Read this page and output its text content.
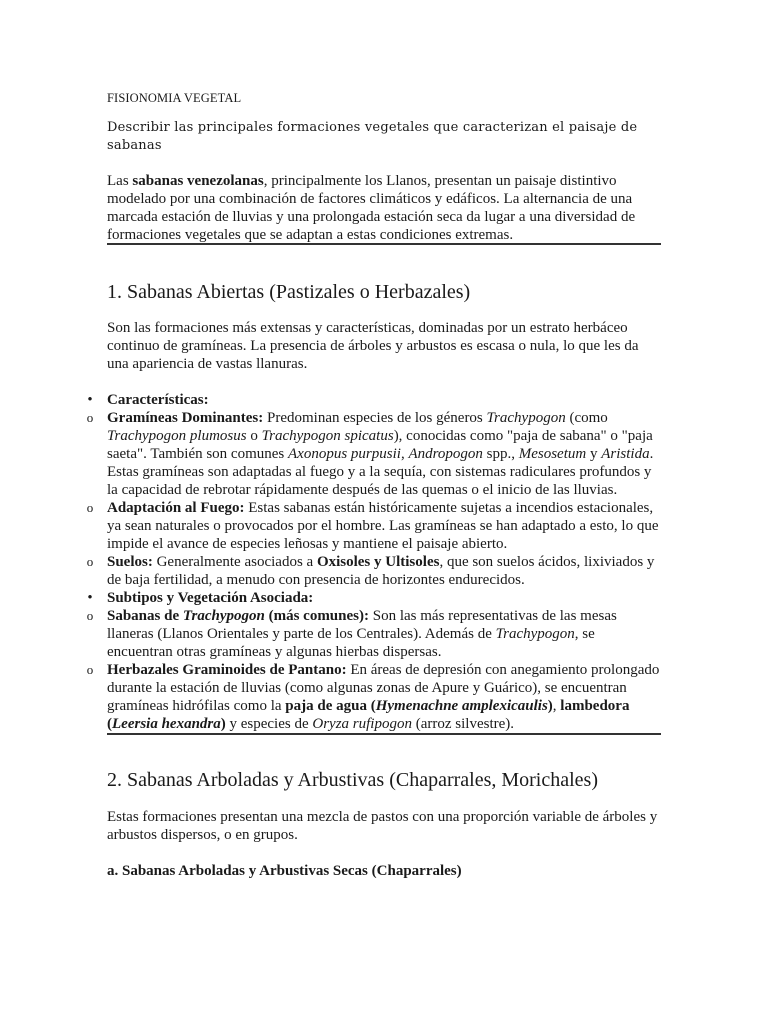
FISIONOMIA VEGETAL
Describir las principales formaciones vegetales que caracterizan el paisaje de sabanas
Las sabanas venezolanas, principalmente los Llanos, presentan un paisaje distintivo modelado por una combinación de factores climáticos y edáficos. La alternancia de una marcada estación de lluvias y una prolongada estación seca da lugar a una diversidad de formaciones vegetales que se adaptan a estas condiciones extremas.
1. Sabanas Abiertas (Pastizales o Herbazales)
Son las formaciones más extensas y características, dominadas por un estrato herbáceo continuo de gramíneas. La presencia de árboles y arbustos es escasa o nula, lo que les da una apariencia de vastas llanuras.
• Características:
o Gramíneas Dominantes: Predominan especies de los géneros Trachypogon (como Trachypogon plumosus o Trachypogon spicatus), conocidas como "paja de sabana" o "paja saeta". También son comunes Axonopus purpusii, Andropogon spp., Mesosetum y Aristida. Estas gramíneas son adaptadas al fuego y a la sequía, con sistemas radiculares profundos y la capacidad de rebrotar rápidamente después de las quemas o el inicio de las lluvias.
o Adaptación al Fuego: Estas sabanas están históricamente sujetas a incendios estacionales, ya sean naturales o provocados por el hombre. Las gramíneas se han adaptado a esto, lo que impide el avance de especies leñosas y mantiene el paisaje abierto.
o Suelos: Generalmente asociados a Oxisoles y Ultisoles, que son suelos ácidos, lixiviados y de baja fertilidad, a menudo con presencia de horizontes endurecidos.
• Subtipos y Vegetación Asociada:
o Sabanas de Trachypogon (más comunes): Son las más representativas de las mesas llaneras (Llanos Orientales y parte de los Centrales). Además de Trachypogon, se encuentran otras gramíneas y algunas hierbas dispersas.
o Herbazales Graminoides de Pantano: En áreas de depresión con anegamiento prolongado durante la estación de lluvias (como algunas zonas de Apure y Guárico), se encuentran gramíneas hidrófilas como la paja de agua (Hymenachne amplexicaulis), lambedora (Leersia hexandra) y especies de Oryza rufipogon (arroz silvestre).
2. Sabanas Arboladas y Arbustivas (Chaparrales, Morichales)
Estas formaciones presentan una mezcla de pastos con una proporción variable de árboles y arbustos dispersos, o en grupos.
a. Sabanas Arboladas y Arbustivas Secas (Chaparrales)
